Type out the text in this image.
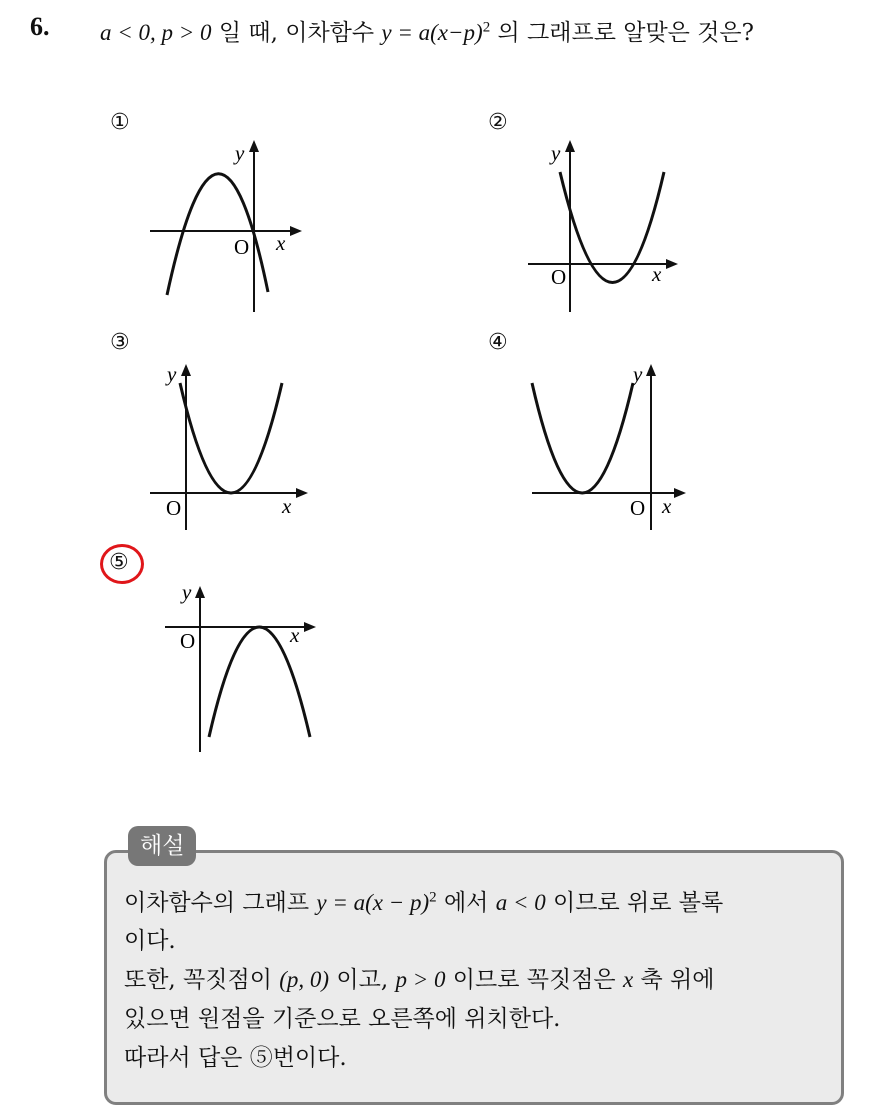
6. a < 0, p > 0 일 때, 이차함수 $y = a(x-p)^2$ 의 그래프로 알맞은 것은?
①	②
③	④
⑤
y
x
O
y
x
O
y
x
O
y
x
O
y
x
O
해설
이차함수의 그래프 $y = a(x - p)^2$ 에서 a < 0 이므로 위로 볼록
이다.
또한, 꼭짓점이 (p, 0) 이고, p > 0 이므로 꼭짓점은 x 축 위에
있으면 원점을 기준으로 오른쪽에 위치한다.
따라서 답은 ⑤번이다.
